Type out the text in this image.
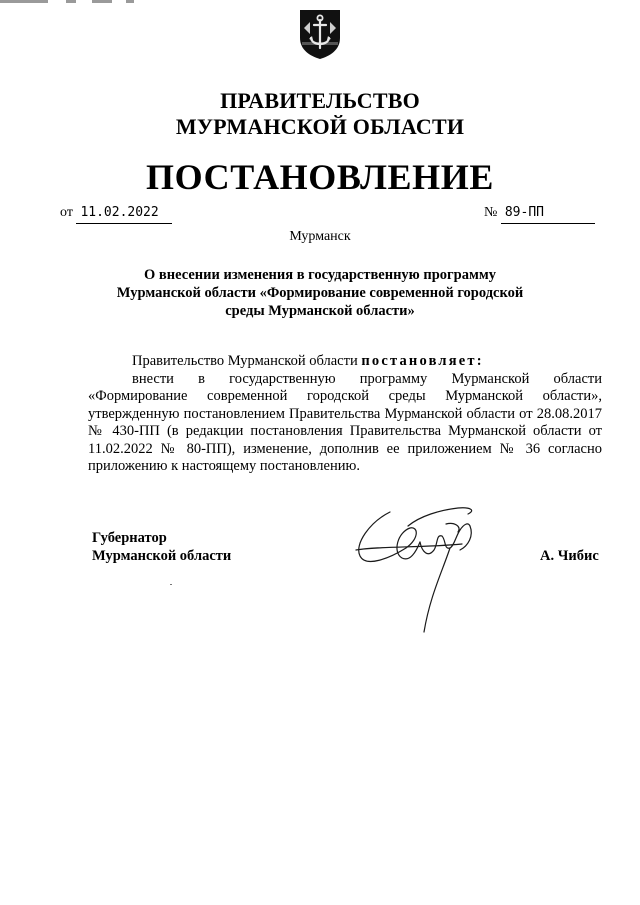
ПРАВИТЕЛЬСТВО
МУРМАНСКОЙ ОБЛАСТИ
ПОСТАНОВЛЕНИЕ
от 11.02.2022	№ 89-ПП
Мурманск
О внесении изменения в государственную программу
Мурманской области «Формирование современной городской
среды Мурманской области»

Правительство Мурманской области постановляет:

внести в государственную программу Мурманской области «Формирование современной городской среды Мурманской области», утвержденную постановлением Правительства Мурманской области от 28.08.2017 № 430-ПП (в редакции постановления Правительства Мурманской области от 11.02.2022 № 80-ПП), изменение, дополнив ее приложением № 36 согласно приложению к настоящему постановлению.

Губернатор
Мурманской области	А. Чибис
